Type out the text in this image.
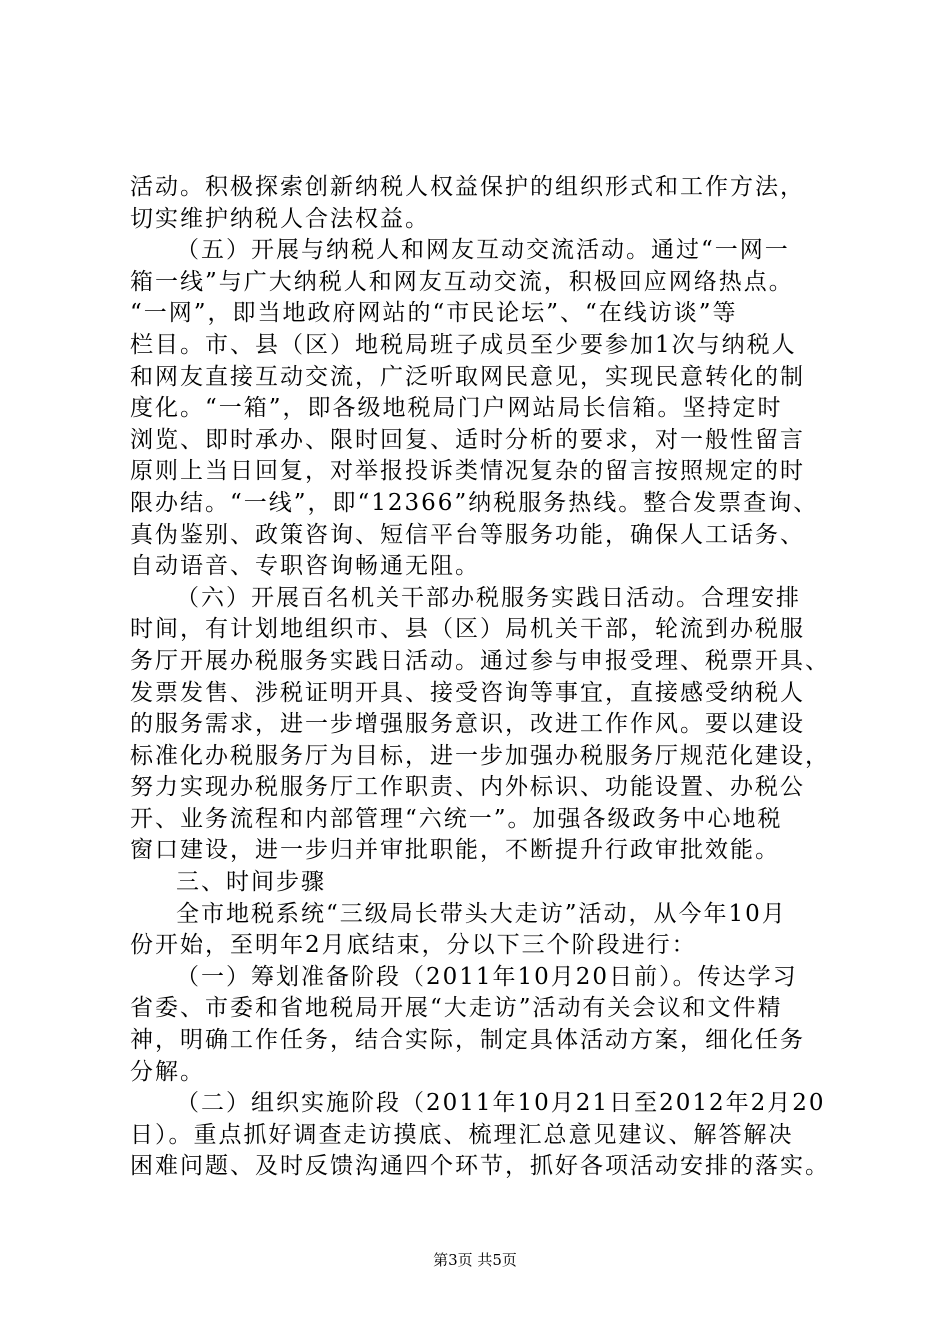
活动。积极探索创新纳税人权益保护的组织形式和工作方法，
切实维护纳税人合法权益。
（五）开展与纳税人和网友互动交流活动。通过“一网一
箱一线”与广大纳税人和网友互动交流，积极回应网络热点。
“一网”，即当地政府网站的“市民论坛”、“在线访谈”等
栏目。市、县（区）地税局班子成员至少要参加1次与纳税人
和网友直接互动交流，广泛听取网民意见，实现民意转化的制
度化。“一箱”，即各级地税局门户网站局长信箱。坚持定时
浏览、即时承办、限时回复、适时分析的要求，对一般性留言
原则上当日回复，对举报投诉类情况复杂的留言按照规定的时
限办结。“一线”，即“12366”纳税服务热线。整合发票查询、
真伪鉴别、政策咨询、短信平台等服务功能，确保人工话务、
自动语音、专职咨询畅通无阻。
（六）开展百名机关干部办税服务实践日活动。合理安排
时间，有计划地组织市、县（区）局机关干部，轮流到办税服
务厅开展办税服务实践日活动。通过参与申报受理、税票开具、
发票发售、涉税证明开具、接受咨询等事宜，直接感受纳税人
的服务需求，进一步增强服务意识，改进工作作风。要以建设
标准化办税服务厅为目标，进一步加强办税服务厅规范化建设，
努力实现办税服务厅工作职责、内外标识、功能设置、办税公
开、业务流程和内部管理“六统一”。加强各级政务中心地税
窗口建设，进一步归并审批职能，不断提升行政审批效能。
三、时间步骤
全市地税系统“三级局长带头大走访”活动，从今年10月
份开始，至明年2月底结束，分以下三个阶段进行：
（一）筹划准备阶段（2011年10月20日前）。传达学习
省委、市委和省地税局开展“大走访”活动有关会议和文件精
神，明确工作任务，结合实际，制定具体活动方案，细化任务
分解。
（二）组织实施阶段（2011年10月21日至2012年2月20
日）。重点抓好调查走访摸底、梳理汇总意见建议、解答解决
困难问题、及时反馈沟通四个环节，抓好各项活动安排的落实。
第3页 共5页
